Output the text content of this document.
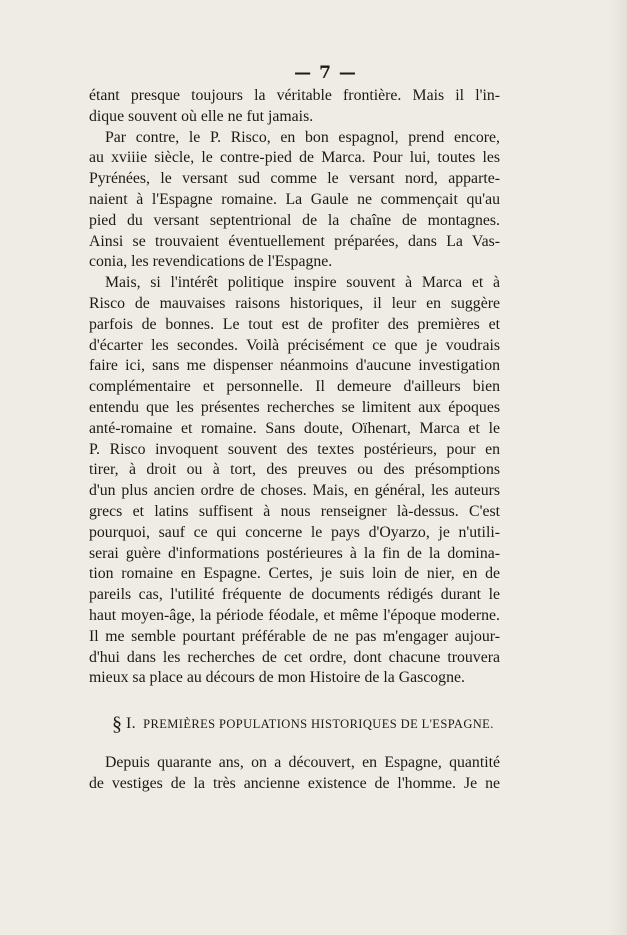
— 7 —
étant presque toujours la véritable frontière. Mais il l'in-
dique souvent où elle ne fut jamais.
Par contre, le P. Risco, en bon espagnol, prend encore,
au xviiie siècle, le contre-pied de Marca. Pour lui, toutes les
Pyrénées, le versant sud comme le versant nord, apparte-
naient à l'Espagne romaine. La Gaule ne commençait qu'au
pied du versant septentrional de la chaîne de montagnes.
Ainsi se trouvaient éventuellement préparées, dans La Vas-
conia, les revendications de l'Espagne.
Mais, si l'intérêt politique inspire souvent à Marca et à
Risco de mauvaises raisons historiques, il leur en suggère
parfois de bonnes. Le tout est de profiter des premières et
d'écarter les secondes. Voilà précisément ce que je voudrais
faire ici, sans me dispenser néanmoins d'aucune investigation
complémentaire et personnelle. Il demeure d'ailleurs bien
entendu que les présentes recherches se limitent aux époques
anté-romaine et romaine. Sans doute, Oïhenart, Marca et le
P. Risco invoquent souvent des textes postérieurs, pour en
tirer, à droit ou à tort, des preuves ou des présomptions
d'un plus ancien ordre de choses. Mais, en général, les auteurs
grecs et latins suffisent à nous renseigner là-dessus. C'est
pourquoi, sauf ce qui concerne le pays d'Oyarzo, je n'utili-
serai guère d'informations postérieures à la fin de la domina-
tion romaine en Espagne. Certes, je suis loin de nier, en de
pareils cas, l'utilité fréquente de documents rédigés durant le
haut moyen-âge, la période féodale, et même l'époque moderne.
Il me semble pourtant préférable de ne pas m'engager aujour-
d'hui dans les recherches de cet ordre, dont chacune trouvera
mieux sa place au décours de mon Histoire de la Gascogne.
§ I. PREMIÈRES POPULATIONS HISTORIQUES DE L'ESPAGNE.
Depuis quarante ans, on a découvert, en Espagne, quantité
de vestiges de la très ancienne existence de l'homme. Je ne
